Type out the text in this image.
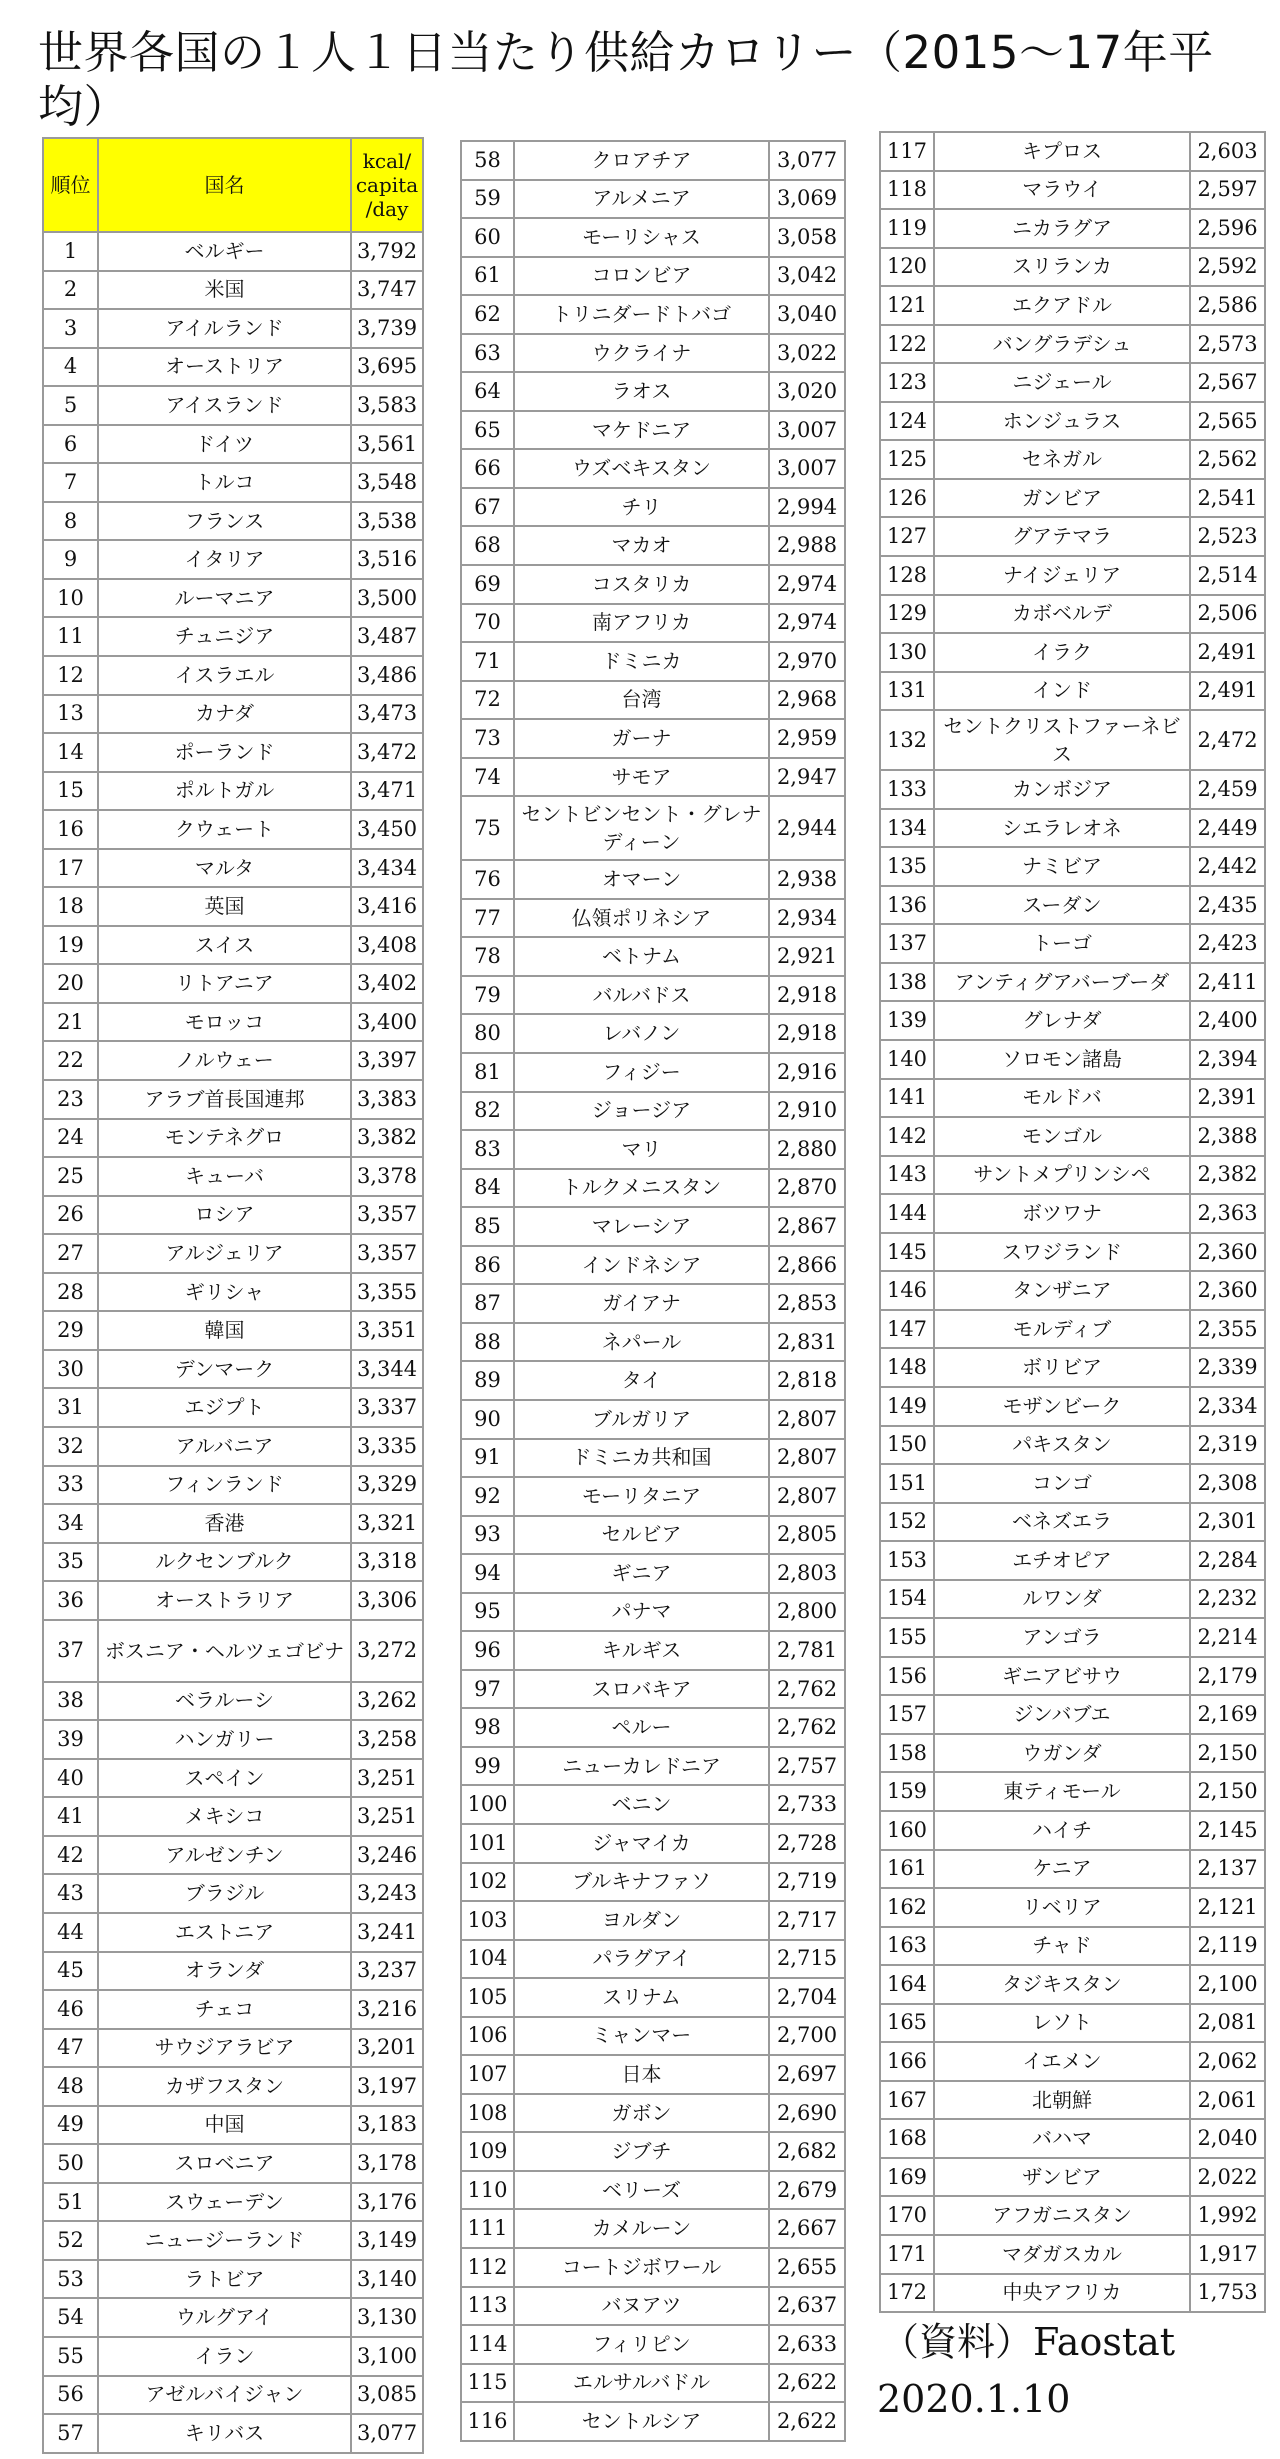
世界各国の１人１日当たり供給カロリー（2015～17年平均）
順位	国名	kcal/ capita /day
1	ベルギー	3,792
2	米国	3,747
3	アイルランド	3,739
4	オーストリア	3,695
5	アイスランド	3,583
6	ドイツ	3,561
7	トルコ	3,548
8	フランス	3,538
9	イタリア	3,516
10	ルーマニア	3,500
11	チュニジア	3,487
12	イスラエル	3,486
13	カナダ	3,473
14	ポーランド	3,472
15	ポルトガル	3,471
16	クウェート	3,450
17	マルタ	3,434
18	英国	3,416
19	スイス	3,408
20	リトアニア	3,402
21	モロッコ	3,400
22	ノルウェー	3,397
23	アラブ首長国連邦	3,383
24	モンテネグロ	3,382
25	キューバ	3,378
26	ロシア	3,357
27	アルジェリア	3,357
28	ギリシャ	3,355
29	韓国	3,351
30	デンマーク	3,344
31	エジプト	3,337
32	アルバニア	3,335
33	フィンランド	3,329
34	香港	3,321
35	ルクセンブルク	3,318
36	オーストラリア	3,306
37	ボスニア・ヘルツェゴビナ	3,272
38	ベラルーシ	3,262
39	ハンガリー	3,258
40	スペイン	3,251
41	メキシコ	3,251
42	アルゼンチン	3,246
43	ブラジル	3,243
44	エストニア	3,241
45	オランダ	3,237
46	チェコ	3,216
47	サウジアラビア	3,201
48	カザフスタン	3,197
49	中国	3,183
50	スロベニア	3,178
51	スウェーデン	3,176
52	ニュージーランド	3,149
53	ラトビア	3,140
54	ウルグアイ	3,130
55	イラン	3,100
56	アゼルバイジャン	3,085
57	キリバス	3,077
58	クロアチア	3,077
59	アルメニア	3,069
60	モーリシャス	3,058
61	コロンビア	3,042
62	トリニダードトバゴ	3,040
63	ウクライナ	3,022
64	ラオス	3,020
65	マケドニア	3,007
66	ウズベキスタン	3,007
67	チリ	2,994
68	マカオ	2,988
69	コスタリカ	2,974
70	南アフリカ	2,974
71	ドミニカ	2,970
72	台湾	2,968
73	ガーナ	2,959
74	サモア	2,947
75	セントビンセント・グレナディーン	2,944
76	オマーン	2,938
77	仏領ポリネシア	2,934
78	ベトナム	2,921
79	バルバドス	2,918
80	レバノン	2,918
81	フィジー	2,916
82	ジョージア	2,910
83	マリ	2,880
84	トルクメニスタン	2,870
85	マレーシア	2,867
86	インドネシア	2,866
87	ガイアナ	2,853
88	ネパール	2,831
89	タイ	2,818
90	ブルガリア	2,807
91	ドミニカ共和国	2,807
92	モーリタニア	2,807
93	セルビア	2,805
94	ギニア	2,803
95	パナマ	2,800
96	キルギス	2,781
97	スロバキア	2,762
98	ペルー	2,762
99	ニューカレドニア	2,757
100	ベニン	2,733
101	ジャマイカ	2,728
102	ブルキナファソ	2,719
103	ヨルダン	2,717
104	パラグアイ	2,715
105	スリナム	2,704
106	ミャンマー	2,700
107	日本	2,697
108	ガボン	2,690
109	ジブチ	2,682
110	ベリーズ	2,679
111	カメルーン	2,667
112	コートジボワール	2,655
113	バヌアツ	2,637
114	フィリピン	2,633
115	エルサルバドル	2,622
116	セントルシア	2,622
117	キプロス	2,603
118	マラウイ	2,597
119	ニカラグア	2,596
120	スリランカ	2,592
121	エクアドル	2,586
122	バングラデシュ	2,573
123	ニジェール	2,567
124	ホンジュラス	2,565
125	セネガル	2,562
126	ガンビア	2,541
127	グアテマラ	2,523
128	ナイジェリア	2,514
129	カボベルデ	2,506
130	イラク	2,491
131	インド	2,491
132	セントクリストファーネビス	2,472
133	カンボジア	2,459
134	シエラレオネ	2,449
135	ナミビア	2,442
136	スーダン	2,435
137	トーゴ	2,423
138	アンティグアバーブーダ	2,411
139	グレナダ	2,400
140	ソロモン諸島	2,394
141	モルドバ	2,391
142	モンゴル	2,388
143	サントメプリンシペ	2,382
144	ボツワナ	2,363
145	スワジランド	2,360
146	タンザニア	2,360
147	モルディブ	2,355
148	ボリビア	2,339
149	モザンビーク	2,334
150	パキスタン	2,319
151	コンゴ	2,308
152	ベネズエラ	2,301
153	エチオピア	2,284
154	ルワンダ	2,232
155	アンゴラ	2,214
156	ギニアビサウ	2,179
157	ジンバブエ	2,169
158	ウガンダ	2,150
159	東ティモール	2,150
160	ハイチ	2,145
161	ケニア	2,137
162	リベリア	2,121
163	チャド	2,119
164	タジキスタン	2,100
165	レソト	2,081
166	イエメン	2,062
167	北朝鮮	2,061
168	バハマ	2,040
169	ザンビア	2,022
170	アフガニスタン	1,992
171	マダガスカル	1,917
172	中央アフリカ	1,753
（資料）Faostat
2020.1.10
